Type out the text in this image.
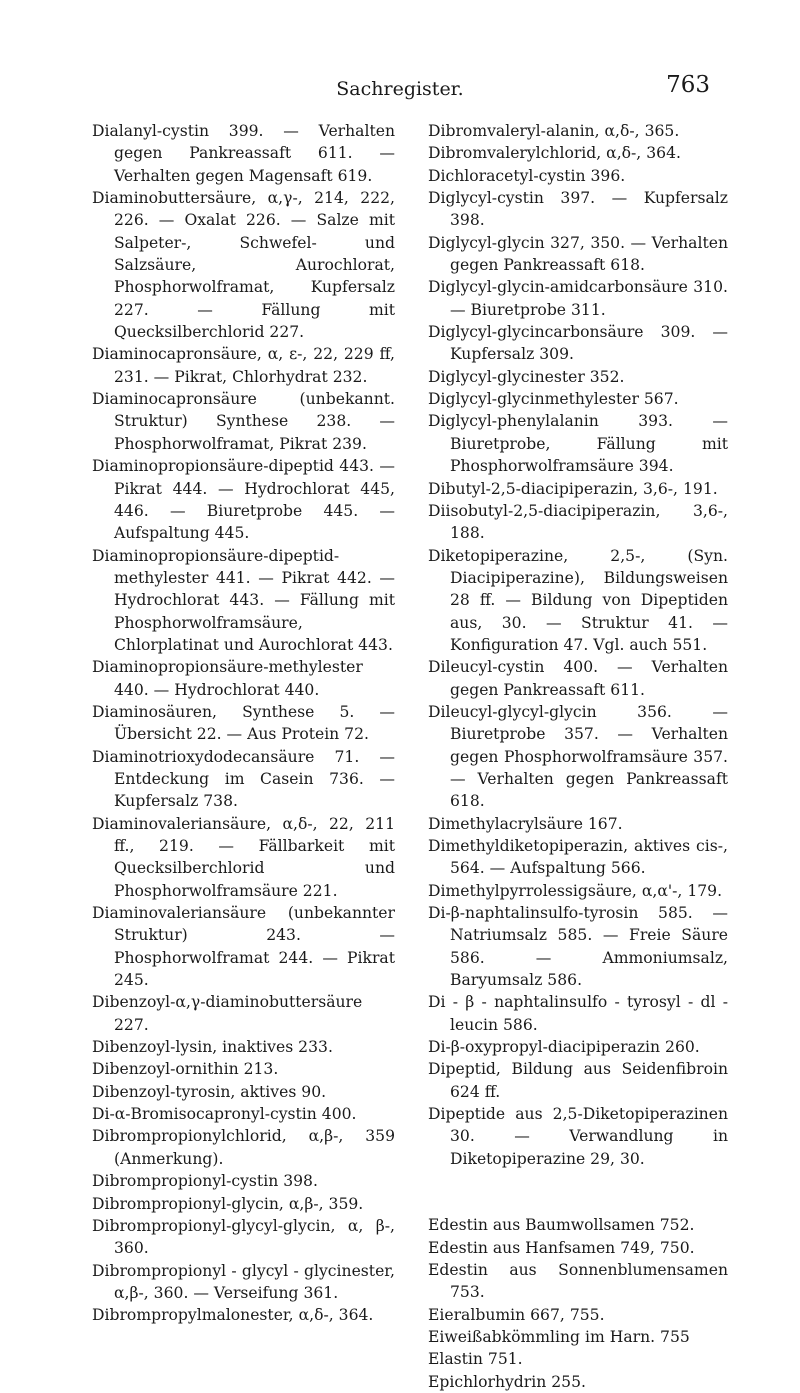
Sachregister.	763

Dialanyl-cystin 399. — Verhalten gegen Pankreassaft 611. — Verhalten gegen Magensaft 619.

Diaminobuttersäure, α,γ-, 214, 222, 226. — Oxalat 226. — Salze mit Salpeter-, Schwefel- und Salzsäure, Aurochlorat, Phosphorwolframat, Kupfersalz 227. — Fällung mit Quecksilberchlorid 227.

Diaminocapronsäure, α, ε-, 22, 229 ff, 231. — Pikrat, Chlorhydrat 232.

Diaminocapronsäure (unbekannt. Struktur) Synthese 238. — Phosphorwolframat, Pikrat 239.

Diaminopropionsäure-dipeptid 443. — Pikrat 444. — Hydrochlorat 445, 446. — Biuretprobe 445. — Aufspaltung 445.

Diaminopropionsäure-dipeptid-methylester 441. — Pikrat 442. — Hydrochlorat 443. — Fällung mit Phosphorwolframsäure, Chlorplatinat und Aurochlorat 443.

Diaminopropionsäure-methylester 440. — Hydrochlorat 440.

Diaminosäuren, Synthese 5. — Übersicht 22. — Aus Protein 72.

Diaminotrioxydodecansäure 71. — Entdeckung im Casein 736. — Kupfersalz 738.

Diaminovaleriansäure, α,δ-, 22, 211 ff., 219. — Fällbarkeit mit Quecksilberchlorid und Phosphorwolframsäure 221.

Diaminovaleriansäure (unbekannter Struktur) 243. — Phosphorwolframat 244. — Pikrat 245.

Dibenzoyl-α,γ-diaminobuttersäure 227.

Dibenzoyl-lysin, inaktives 233.

Dibenzoyl-ornithin 213.

Dibenzoyl-tyrosin, aktives 90.

Di-α-Bromisocapronyl-cystin 400.

Dibrompropionylchlorid, α,β-, 359 (Anmerkung).

Dibrompropionyl-cystin 398.

Dibrompropionyl-glycin, α,β-, 359.

Dibrompropionyl-glycyl-glycin, α, β-, 360.

Dibrompropionyl - glycyl - glycinester, α,β-, 360. — Verseifung 361.

Dibrompropylmalonester, α,δ-, 364.

Dibromvaleryl-alanin, α,δ-, 365.

Dibromvalerylchlorid, α,δ-, 364.

Dichloracetyl-cystin 396.

Diglycyl-cystin 397. — Kupfersalz 398.

Diglycyl-glycin 327, 350. — Verhalten gegen Pankreassaft 618.

Diglycyl-glycin-amidcarbonsäure 310.— Biuretprobe 311.

Diglycyl-glycincarbonsäure 309. — Kupfersalz 309.

Diglycyl-glycinester 352.

Diglycyl-glycinmethylester 567.

Diglycyl-phenylalanin 393. — Biuretprobe, Fällung mit Phosphorwolframsäure 394.

Dibutyl-2,5-diacipiperazin, 3,6-, 191.

Diisobutyl-2,5-diacipiperazin, 3,6-, 188.

Diketopiperazine, 2,5-, (Syn. Diacipiperazine), Bildungsweisen 28 ff. — Bildung von Dipeptiden aus, 30. — Struktur 41. — Konfiguration 47. Vgl. auch 551.

Dileucyl-cystin 400. — Verhalten gegen Pankreassaft 611.

Dileucyl-glycyl-glycin 356. — Biuretprobe 357. — Verhalten gegen Phosphorwolframsäure 357. — Verhalten gegen Pankreassaft 618.

Dimethylacrylsäure 167.

Dimethyldiketopiperazin, aktives cis-, 564. — Aufspaltung 566.

Dimethylpyrrolessigsäure, α,α'-, 179.

Di-β-naphtalinsulfo-tyrosin 585. — Natriumsalz 585. — Freie Säure 586. — Ammoniumsalz, Baryumsalz 586.

Di - β - naphtalinsulfo - tyrosyl - dl - leucin 586.

Di-β-oxypropyl-diacipiperazin 260.

Dipeptid, Bildung aus Seidenfibroin 624 ff.

Dipeptide aus 2,5-Diketopiperazinen 30. — Verwandlung in Diketopiperazine 29, 30.

Edestin aus Baumwollsamen 752.

Edestin aus Hanfsamen 749, 750.

Edestin aus Sonnenblumensamen 753.

Eieralbumin 667, 755.

Eiweißabkömmling im Harn. 755

Elastin 751.

Epichlorhydrin 255.
